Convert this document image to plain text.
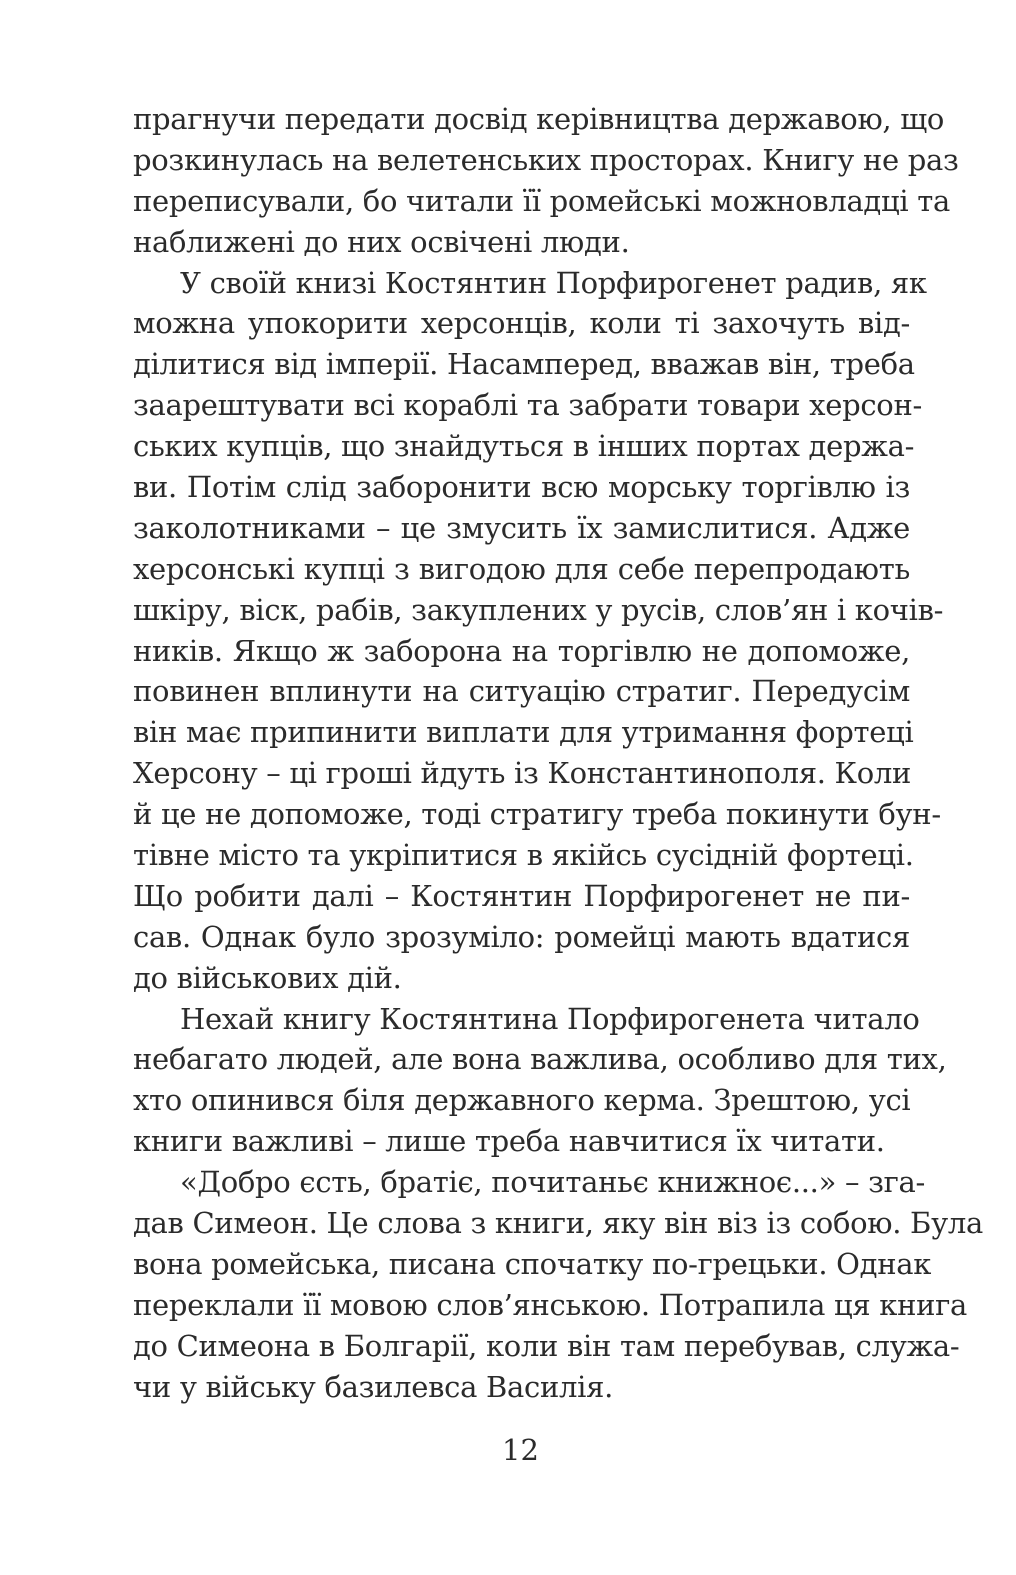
прагнучи передати досвід керівництва державою, що
розкинулась на велетенських просторах. Книгу не раз
переписували, бо читали її ромейські можновладці та
наближені до них освічені люди.
У своїй книзі Костянтин Порфирогенет радив, як
можна упокорити херсонців, коли ті захочуть від-
ділитися від імперії. Насамперед, вважав він, треба
заарештувати всі кораблі та забрати товари херсон-
ських купців, що знайдуться в інших портах держа-
ви. Потім слід заборонити всю морську торгівлю із
заколотниками – це змусить їх замислитися. Адже
херсонські купці з вигодою для себе перепродають
шкіру, віск, рабів, закуплених у русів, слов’ян і кочів-
ників. Якщо ж заборона на торгівлю не допоможе,
повинен вплинути на ситуацію стратиг. Передусім
він має припинити виплати для утримання фортеці
Херсону – ці гроші йдуть із Константинополя. Коли
й це не допоможе, тоді стратигу треба покинути бун-
тівне місто та укріпитися в якійсь сусідній фортеці.
Що робити далі – Костянтин Порфирогенет не пи-
сав. Однак було зрозуміло: ромейці мають вдатися
до військових дій.
Нехай книгу Костянтина Порфирогенета читало
небагато людей, але вона важлива, особливо для тих,
хто опинився біля державного керма. Зрештою, усі
книги важливі – лише треба навчитися їх читати.
«Добро єсть, братіє, почитаньє книжноє...» – зга-
дав Симеон. Це слова з книги, яку він віз із собою. Була
вона ромейська, писана спочатку по-грецьки. Однак
переклали її мовою слов’янською. Потрапила ця книга
до Симеона в Болгарії, коли він там перебував, служа-
чи у війську базилевса Василія.
12
